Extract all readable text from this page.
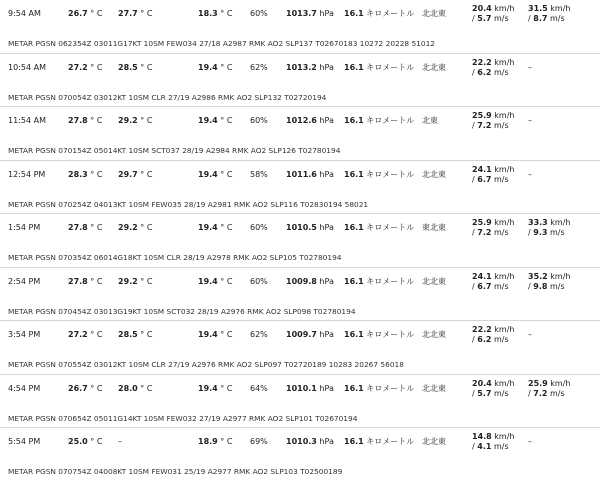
9:54 AM	26.7 ° C 27.7 ° C	18.3 ° C 60% 1013.7 hPa 16.1 キロメートル 北北東
20.4 km/h
/ 5.7 m/s
31.5 km/h
/ 8.7 m/s
METAR PGSN 062354Z 03011G17KT 10SM FEW034 27/18 A2987 RMK AO2 SLP137 T02670183 10272 20228 51012
10:54 AM	27.2 ° C 28.5 ° C	19.4 ° C 62% 1013.2 hPa 16.1 キロメートル 北北東
22.2 km/h
/ 6.2 m/s
–
METAR PGSN 070054Z 03012KT 10SM CLR 27/19 A2986 RMK AO2 SLP132 T02720194
11:54 AM	27.8 ° C 29.2 ° C	19.4 ° C 60% 1012.6 hPa 16.1 キロメートル 北東
25.9 km/h
/ 7.2 m/s
–
METAR PGSN 070154Z 05014KT 10SM SCT037 28/19 A2984 RMK AO2 SLP126 T02780194
12:54 PM	28.3 ° C 29.7 ° C	19.4 ° C 58% 1011.6 hPa 16.1 キロメートル 北北東
24.1 km/h
/ 6.7 m/s
–
METAR PGSN 070254Z 04013KT 10SM FEW035 28/19 A2981 RMK AO2 SLP116 T02830194 58021
1:54 PM	27.8 ° C 29.2 ° C	19.4 ° C 60% 1010.5 hPa 16.1 キロメートル 東北東
25.9 km/h
/ 7.2 m/s
33.3 km/h
/ 9.3 m/s
METAR PGSN 070354Z 06014G18KT 10SM CLR 28/19 A2978 RMK AO2 SLP105 T02780194
2:54 PM	27.8 ° C 29.2 ° C	19.4 ° C 60% 1009.8 hPa 16.1 キロメートル 北北東
24.1 km/h
/ 6.7 m/s
35.2 km/h
/ 9.8 m/s
METAR PGSN 070454Z 03013G19KT 10SM SCT032 28/19 A2976 RMK AO2 SLP098 T02780194
3:54 PM	27.2 ° C 28.5 ° C	19.4 ° C 62% 1009.7 hPa 16.1 キロメートル 北北東
22.2 km/h
/ 6.2 m/s
–
METAR PGSN 070554Z 03012KT 10SM CLR 27/19 A2976 RMK AO2 SLP097 T02720189 10283 20267 56018
4:54 PM	26.7 ° C 28.0 ° C	19.4 ° C 64% 1010.1 hPa 16.1 キロメートル 北北東
20.4 km/h
/ 5.7 m/s
25.9 km/h
/ 7.2 m/s
METAR PGSN 070654Z 05011G14KT 10SM FEW032 27/19 A2977 RMK AO2 SLP101 T02670194
5:54 PM	25.0 ° C –	18.9 ° C 69% 1010.3 hPa 16.1 キロメートル 北北東
14.8 km/h
/ 4.1 m/s
–
METAR PGSN 070754Z 04008KT 10SM FEW031 25/19 A2977 RMK AO2 SLP103 T02500189
